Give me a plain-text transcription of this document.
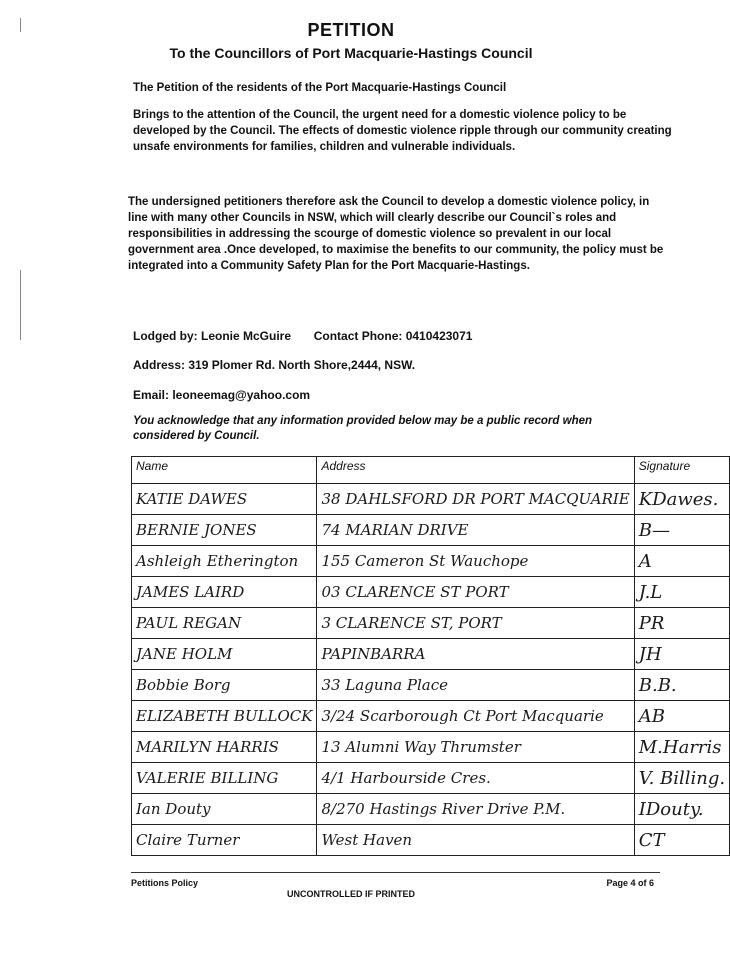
PETITION
To the Councillors of Port Macquarie-Hastings Council
The Petition of the residents of the Port Macquarie-Hastings Council
Brings to the attention of the Council, the urgent need for a domestic violence policy to be developed by the Council. The effects of domestic violence ripple through our community creating unsafe environments for families, children and vulnerable individuals.
The undersigned petitioners therefore ask the Council to develop a domestic violence policy, in line with many other Councils in NSW, which will clearly describe our Council`s roles and responsibilities in addressing the scourge of domestic violence so prevalent in our local government area .Once developed, to maximise the benefits to our community, the policy must be integrated into a Community Safety Plan for the Port Macquarie-Hastings.
Lodged by: Leonie McGuire Contact Phone: 0410423071
Address: 319 Plomer Rd. North Shore,2444, NSW.
Email: leoneemag@yahoo.com
You acknowledge that any information provided below may be a public record when considered by Council.
Name	Address	Signature
KATIE DAWES	38 DAHLSFORD DR PORT MACQUARIE	KDawes.
BERNIE JONES	74 MARIAN DRIVE	B—
Ashleigh Etherington	155 Cameron St Wauchope	A
JAMES LAIRD	03 CLARENCE ST PORT	J.L
PAUL REGAN	3 CLARENCE ST, PORT	PR
JANE HOLM	PAPINBARRA	JH
Bobbie Borg	33 Laguna Place	B.B.
ELIZABETH BULLOCK	3/24 Scarborough Ct Port Macquarie	AB
MARILYN HARRIS	13 Alumni Way Thrumster	M.Harris
VALERIE BILLING	4/1 Harbourside Cres.	V. Billing.
Ian Douty	8/270 Hastings River Drive P.M.	IDouty.
Claire Turner	West Haven	CT
Petitions Policy	Page 4 of 6
UNCONTROLLED IF PRINTED
